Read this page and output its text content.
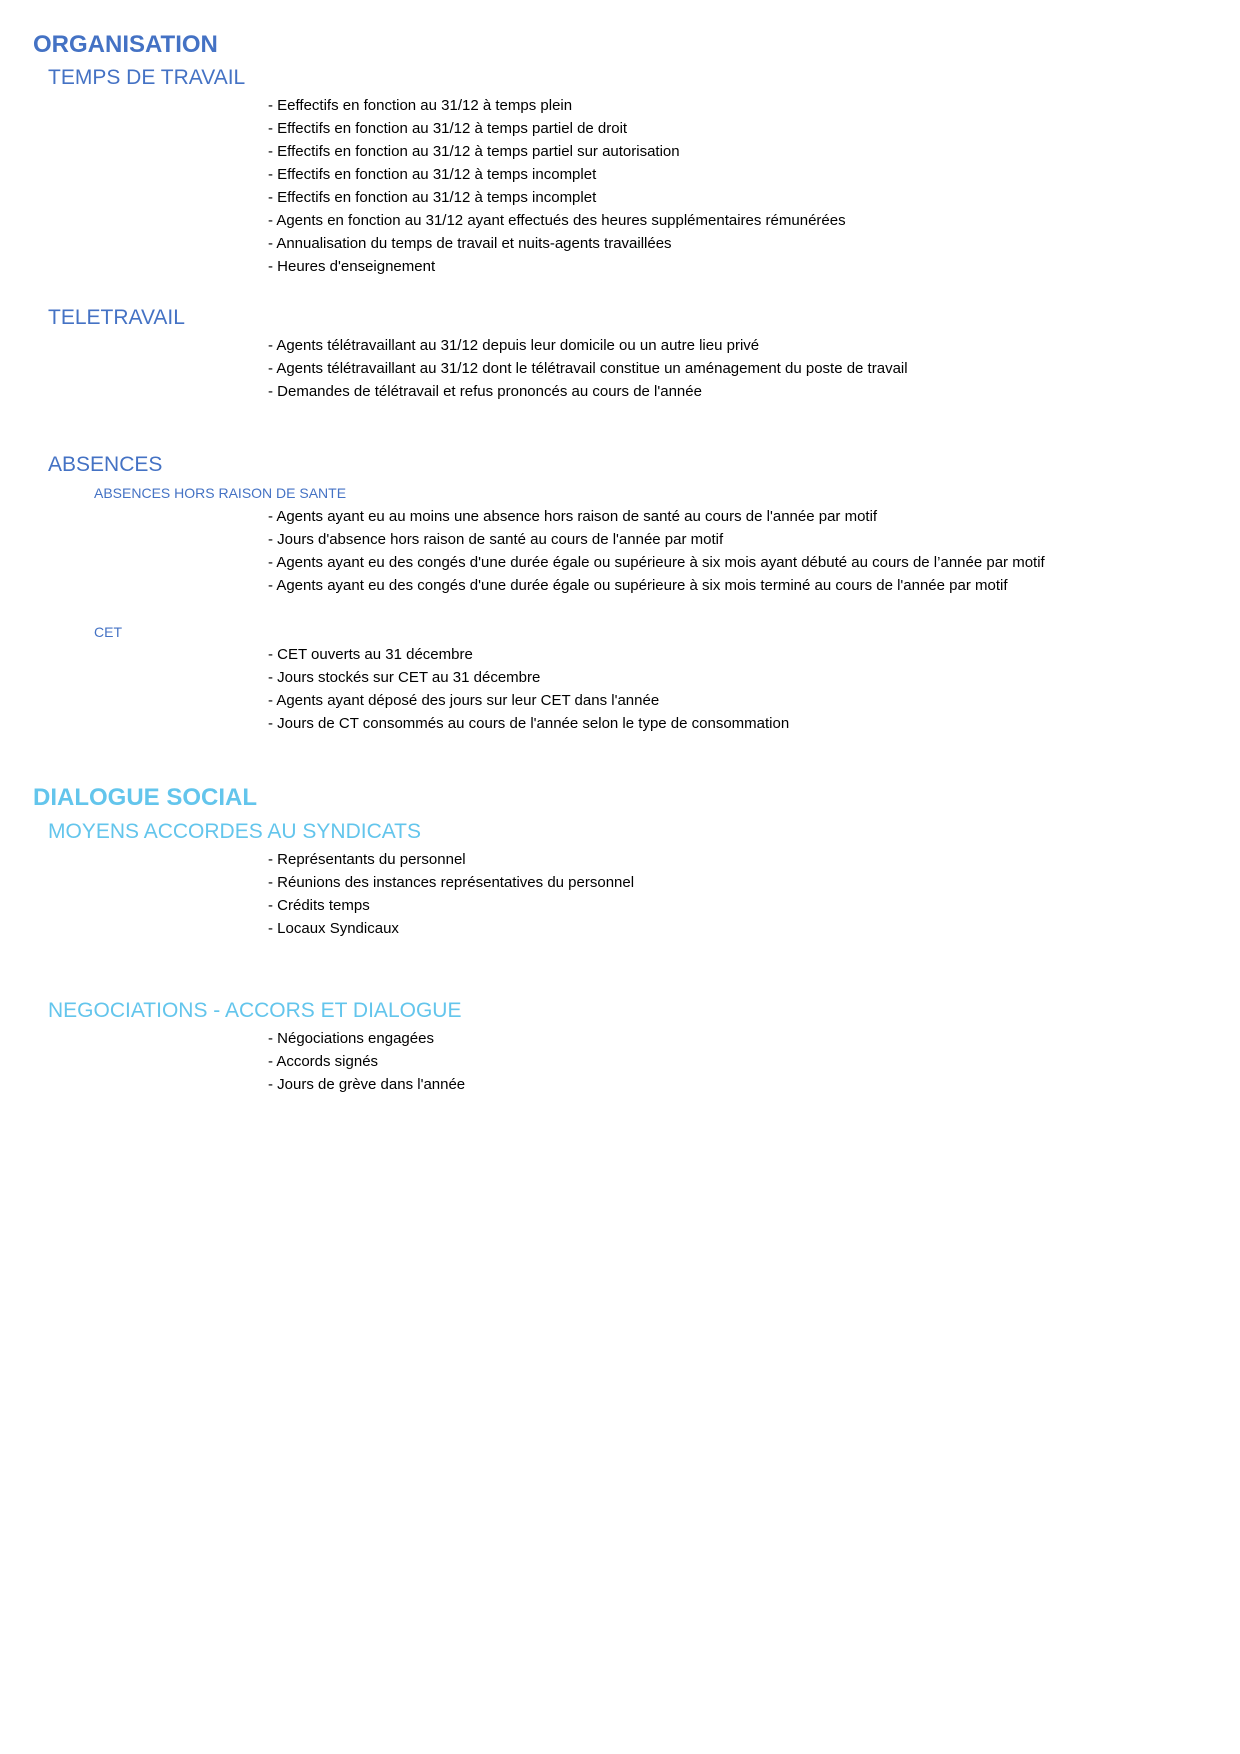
ORGANISATION
TEMPS DE TRAVAIL
- Eeffectifs en fonction au 31/12 à temps plein
- Effectifs en fonction au 31/12 à temps partiel de droit
- Effectifs en fonction au 31/12 à temps partiel sur autorisation
- Effectifs en fonction au 31/12 à temps incomplet
- Effectifs en fonction au 31/12 à temps incomplet
- Agents en fonction au 31/12 ayant effectués des heures supplémentaires rémunérées
- Annualisation du temps de travail et nuits-agents travaillées
- Heures d'enseignement
TELETRAVAIL
- Agents télétravaillant au 31/12 depuis leur domicile ou un autre lieu privé
- Agents télétravaillant au 31/12 dont le télétravail constitue un aménagement du poste de travail
- Demandes de télétravail et refus prononcés au cours de l'année
ABSENCES
ABSENCES HORS RAISON DE SANTE
- Agents ayant eu au moins une absence hors raison de santé au cours de l'année par motif
- Jours d'absence hors raison de santé au cours de l'année par motif
- Agents ayant eu des congés d'une durée égale ou supérieure à six mois ayant débuté au cours de l’année par motif
- Agents ayant eu des congés d'une durée égale ou supérieure à six mois terminé au cours de l'année par motif
CET
- CET ouverts au 31 décembre
- Jours stockés sur CET au 31 décembre
- Agents ayant déposé des jours sur leur CET dans l'année
- Jours de CT consommés au cours de l'année selon le type de consommation
DIALOGUE SOCIAL
MOYENS ACCORDES AU SYNDICATS
- Représentants du personnel
- Réunions des instances représentatives du personnel
- Crédits temps
- Locaux Syndicaux
NEGOCIATIONS - ACCORS ET DIALOGUE
- Négociations engagées
- Accords signés
- Jours de grève dans l'année
